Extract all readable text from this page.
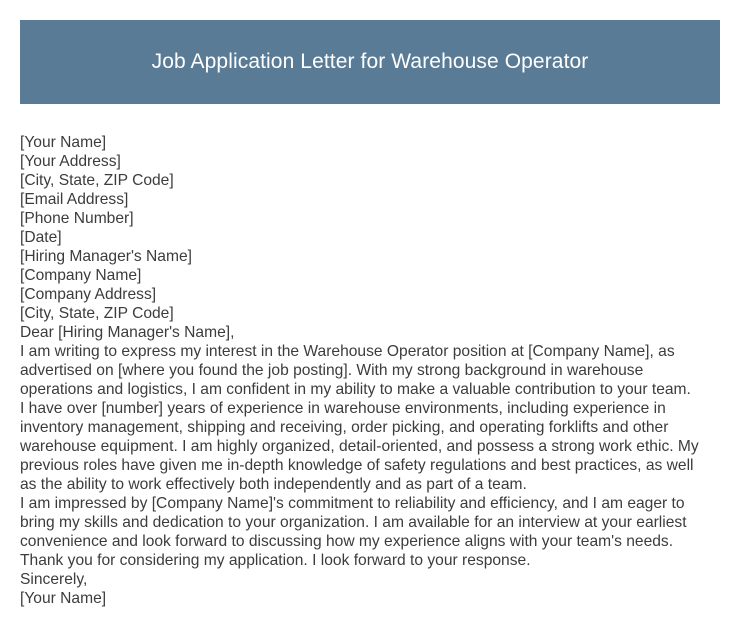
Job Application Letter for Warehouse Operator
[Your Name]
[Your Address]
[City, State, ZIP Code]
[Email Address]
[Phone Number]
[Date]
[Hiring Manager's Name]
[Company Name]
[Company Address]
[City, State, ZIP Code]
Dear [Hiring Manager's Name],
I am writing to express my interest in the Warehouse Operator position at [Company Name], as
advertised on [where you found the job posting]. With my strong background in warehouse
operations and logistics, I am confident in my ability to make a valuable contribution to your team.
I have over [number] years of experience in warehouse environments, including experience in
inventory management, shipping and receiving, order picking, and operating forklifts and other
warehouse equipment. I am highly organized, detail-oriented, and possess a strong work ethic. My
previous roles have given me in-depth knowledge of safety regulations and best practices, as well
as the ability to work effectively both independently and as part of a team.
I am impressed by [Company Name]'s commitment to reliability and efficiency, and I am eager to
bring my skills and dedication to your organization. I am available for an interview at your earliest
convenience and look forward to discussing how my experience aligns with your team's needs.
Thank you for considering my application. I look forward to your response.
Sincerely,
[Your Name]
